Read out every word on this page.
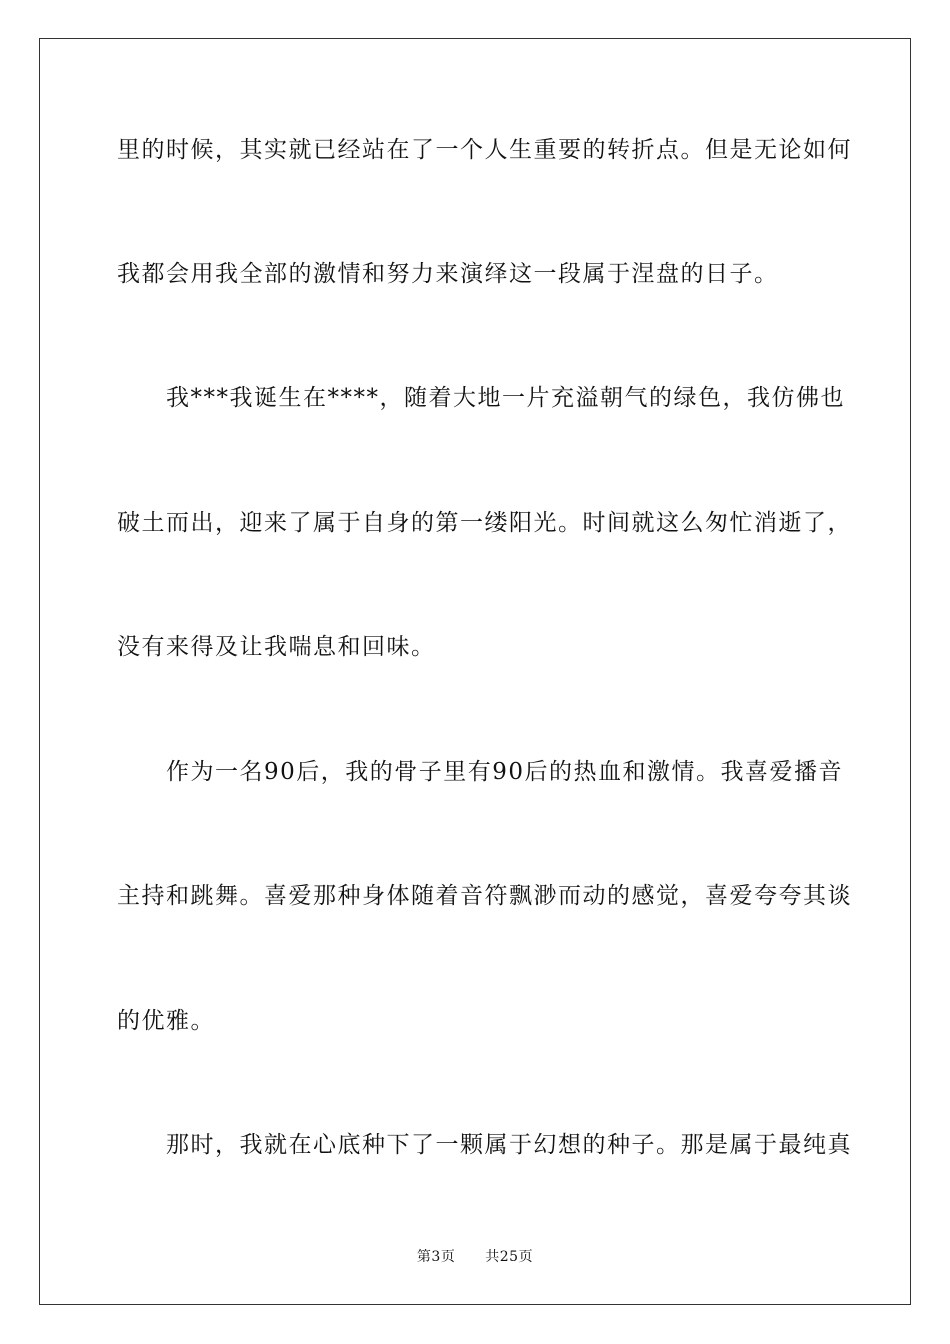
里的时候，其实就已经站在了一个人生重要的转折点。但是无论如何
我都会用我全部的激情和努力来演绎这一段属于涅盘的日子。
　　我***我诞生在****，随着大地一片充溢朝气的绿色，我仿佛也
破土而出，迎来了属于自身的第一缕阳光。时间就这么匆忙消逝了，
没有来得及让我喘息和回味。
　　作为一名90后，我的骨子里有90后的热血和激情。我喜爱播音
主持和跳舞。喜爱那种身体随着音符飘渺而动的感觉，喜爱夸夸其谈
的优雅。
　　那时，我就在心底种下了一颗属于幻想的种子。那是属于最纯真
第3页 共25页
